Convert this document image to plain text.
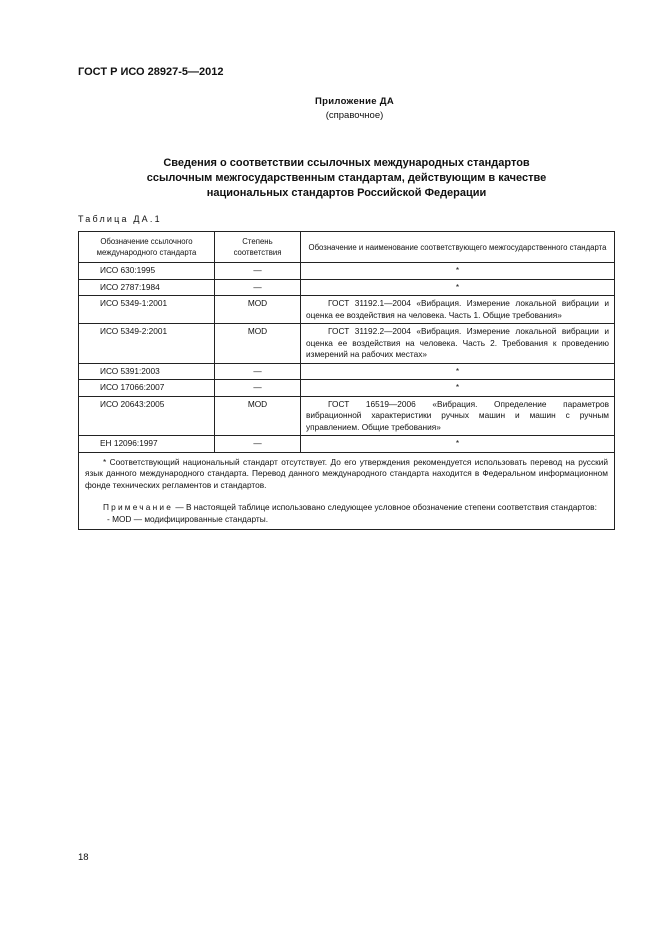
ГОСТ Р ИСО 28927-5—2012
Приложение ДА
(справочное)
Сведения о соответствии ссылочных международных стандартов
ссылочным межгосударственным стандартам, действующим в качестве
национальных стандартов Российской Федерации
Таблица ДА.1
Обозначение ссылочного международного стандарта	Степень соответствия	Обозначение и наименование соответствующего межгосударственного стандарта
ИСО 630:1995	—	*
ИСО 2787:1984	—	*
ИСО 5349-1:2001	MOD	ГОСТ 31192.1—2004 «Вибрация. Измерение локальной вибрации и оценка ее воздействия на человека. Часть 1. Общие требования»
ИСО 5349-2:2001	MOD	ГОСТ 31192.2—2004 «Вибрация. Измерение локальной вибрации и оценка ее воздействия на человека. Часть 2. Требования к проведению измерений на рабочих местах»
ИСО 5391:2003	—	*
ИСО 17066:2007	—	*
ИСО 20643:2005	MOD	ГОСТ 16519—2006 «Вибрация. Определение параметров вибрационной характеристики ручных машин и машин с ручным управлением. Общие требования»
ЕН 12096:1997	—	*

* Соответствующий национальный стандарт отсутствует. До его утверждения рекомендуется использовать перевод на русский язык данного международного стандарта. Перевод данного международного стандарта находится в Федеральном информационном фонде технических регламентов и стандартов.

Примечание — В настоящей таблице использовано следующее условное обозначение степени соответствия стандартов:

- MOD — модифицированные стандарты.		

18
